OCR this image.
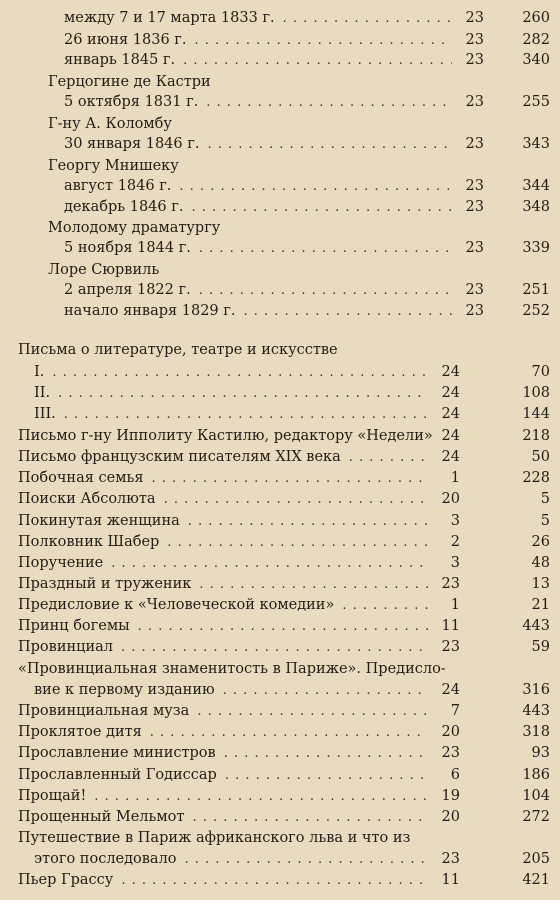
между 7 и 17 марта 1833 г.	23	260
. . .
26 июня 1836 г.	23	282
. . .
январь 1845 г.	23	340
. . .
Герцогине де Кастри
5 октября 1831 г.	23	255
. . .
Г-ну А. Коломбу
30 января 1846 г.	23	343
. . .
Георгу Мнишеку
август 1846 г.	23	344
. . .
декабрь 1846 г.	23	348
. . .
Молодому драматургу
5 ноября 1844 г.	23	339
. . .
Лоре Сюрвиль
2 апреля 1822 г.	23	251
. . .
начало января 1829 г.	23	252
. . .
Письма о литературе, театре и искусстве
I.	24	70
. . .
II.	24	108
. . .
III.	24	144
. . .
Письмо г-ну Ипполиту Кастилю, редактору «Недели» 24	218
Письмо французским писателям XIX века	24	50
. . .
Побочная семья	1	228
. . .
Поиски Абсолюта	20	5
. . .
Покинутая женщина	3	5
. . .
Полковник Шабер	2	26
. . .
Поручение	3	48
. . .
Праздный и труженик	23	13
. . .
Предисловие к «Человеческой комедии»	1	21
. . .
Принц богемы	11	443
. . .
Провинциал	23	59
. . .
«Провинциальная знаменитость в Париже». Предисло-
вие к первому изданию	24	316
. . .
Провинциальная муза	7	443
. . .
Проклятое дитя	20	318
. . .
Прославление министров	23	93
. . .
Прославленный Годиссар	6	186
. . .
Прощай!	19	104
. . .
Прощенный Мельмот	20	272
. . .
Путешествие в Париж африканского льва и что из
этого последовало	23	205
. . .
Пьер Грассу	11	421
. . .
